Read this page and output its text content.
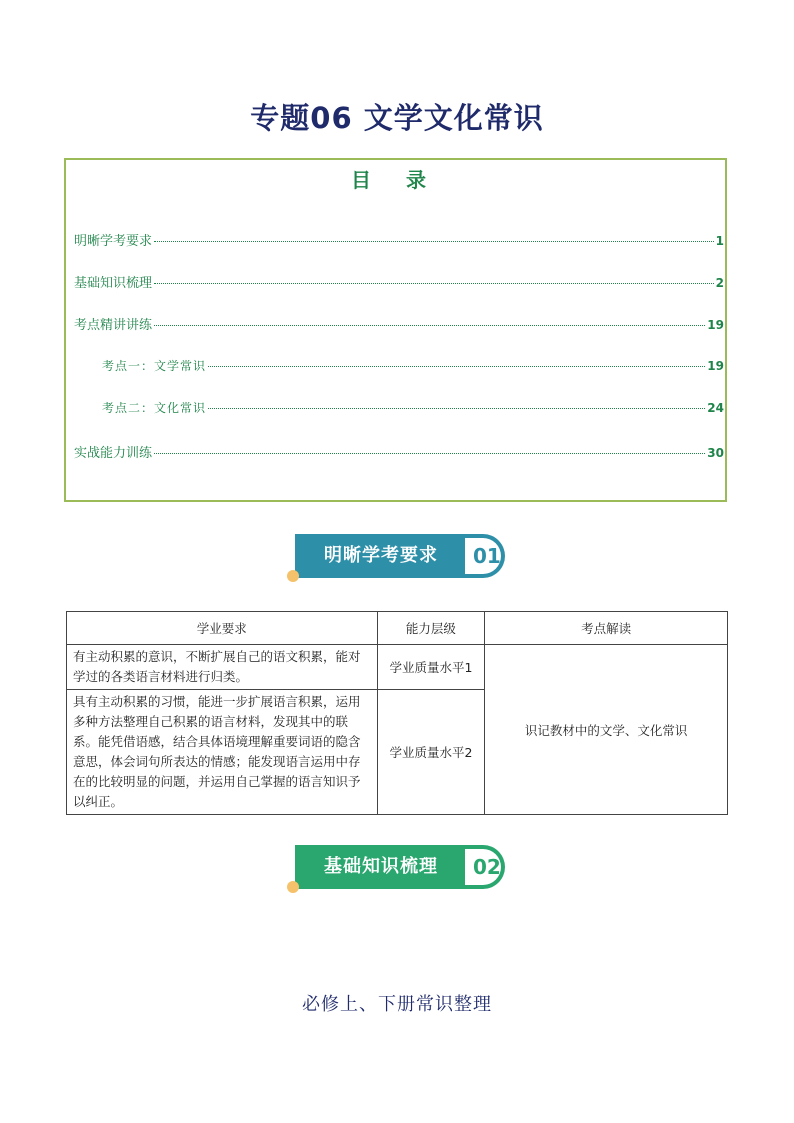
专题06 文学文化常识
目 录
明晰学考要求	1
基础知识梳理	2
考点精讲讲练	19
考点一：文学常识	19
考点二：文化常识	24
实战能力训练	30
明晰学考要求	01
学业要求	能力层级	考点解读
有主动积累的意识，不断扩展自己的语文积累，能对学过的各类语言材料进行归类。	学业质量水平1	识记教材中的文学、文化常识
具有主动积累的习惯，能进一步扩展语言积累，运用多种方法整理自己积累的语言材料，发现其中的联系。能凭借语感，结合具体语境理解重要词语的隐含意思，体会词句所表达的情感；能发现语言运用中存在的比较明显的问题，并运用自己掌握的语言知识予以纠正。	学业质量水平2	
基础知识梳理	02
必修上、下册常识整理
